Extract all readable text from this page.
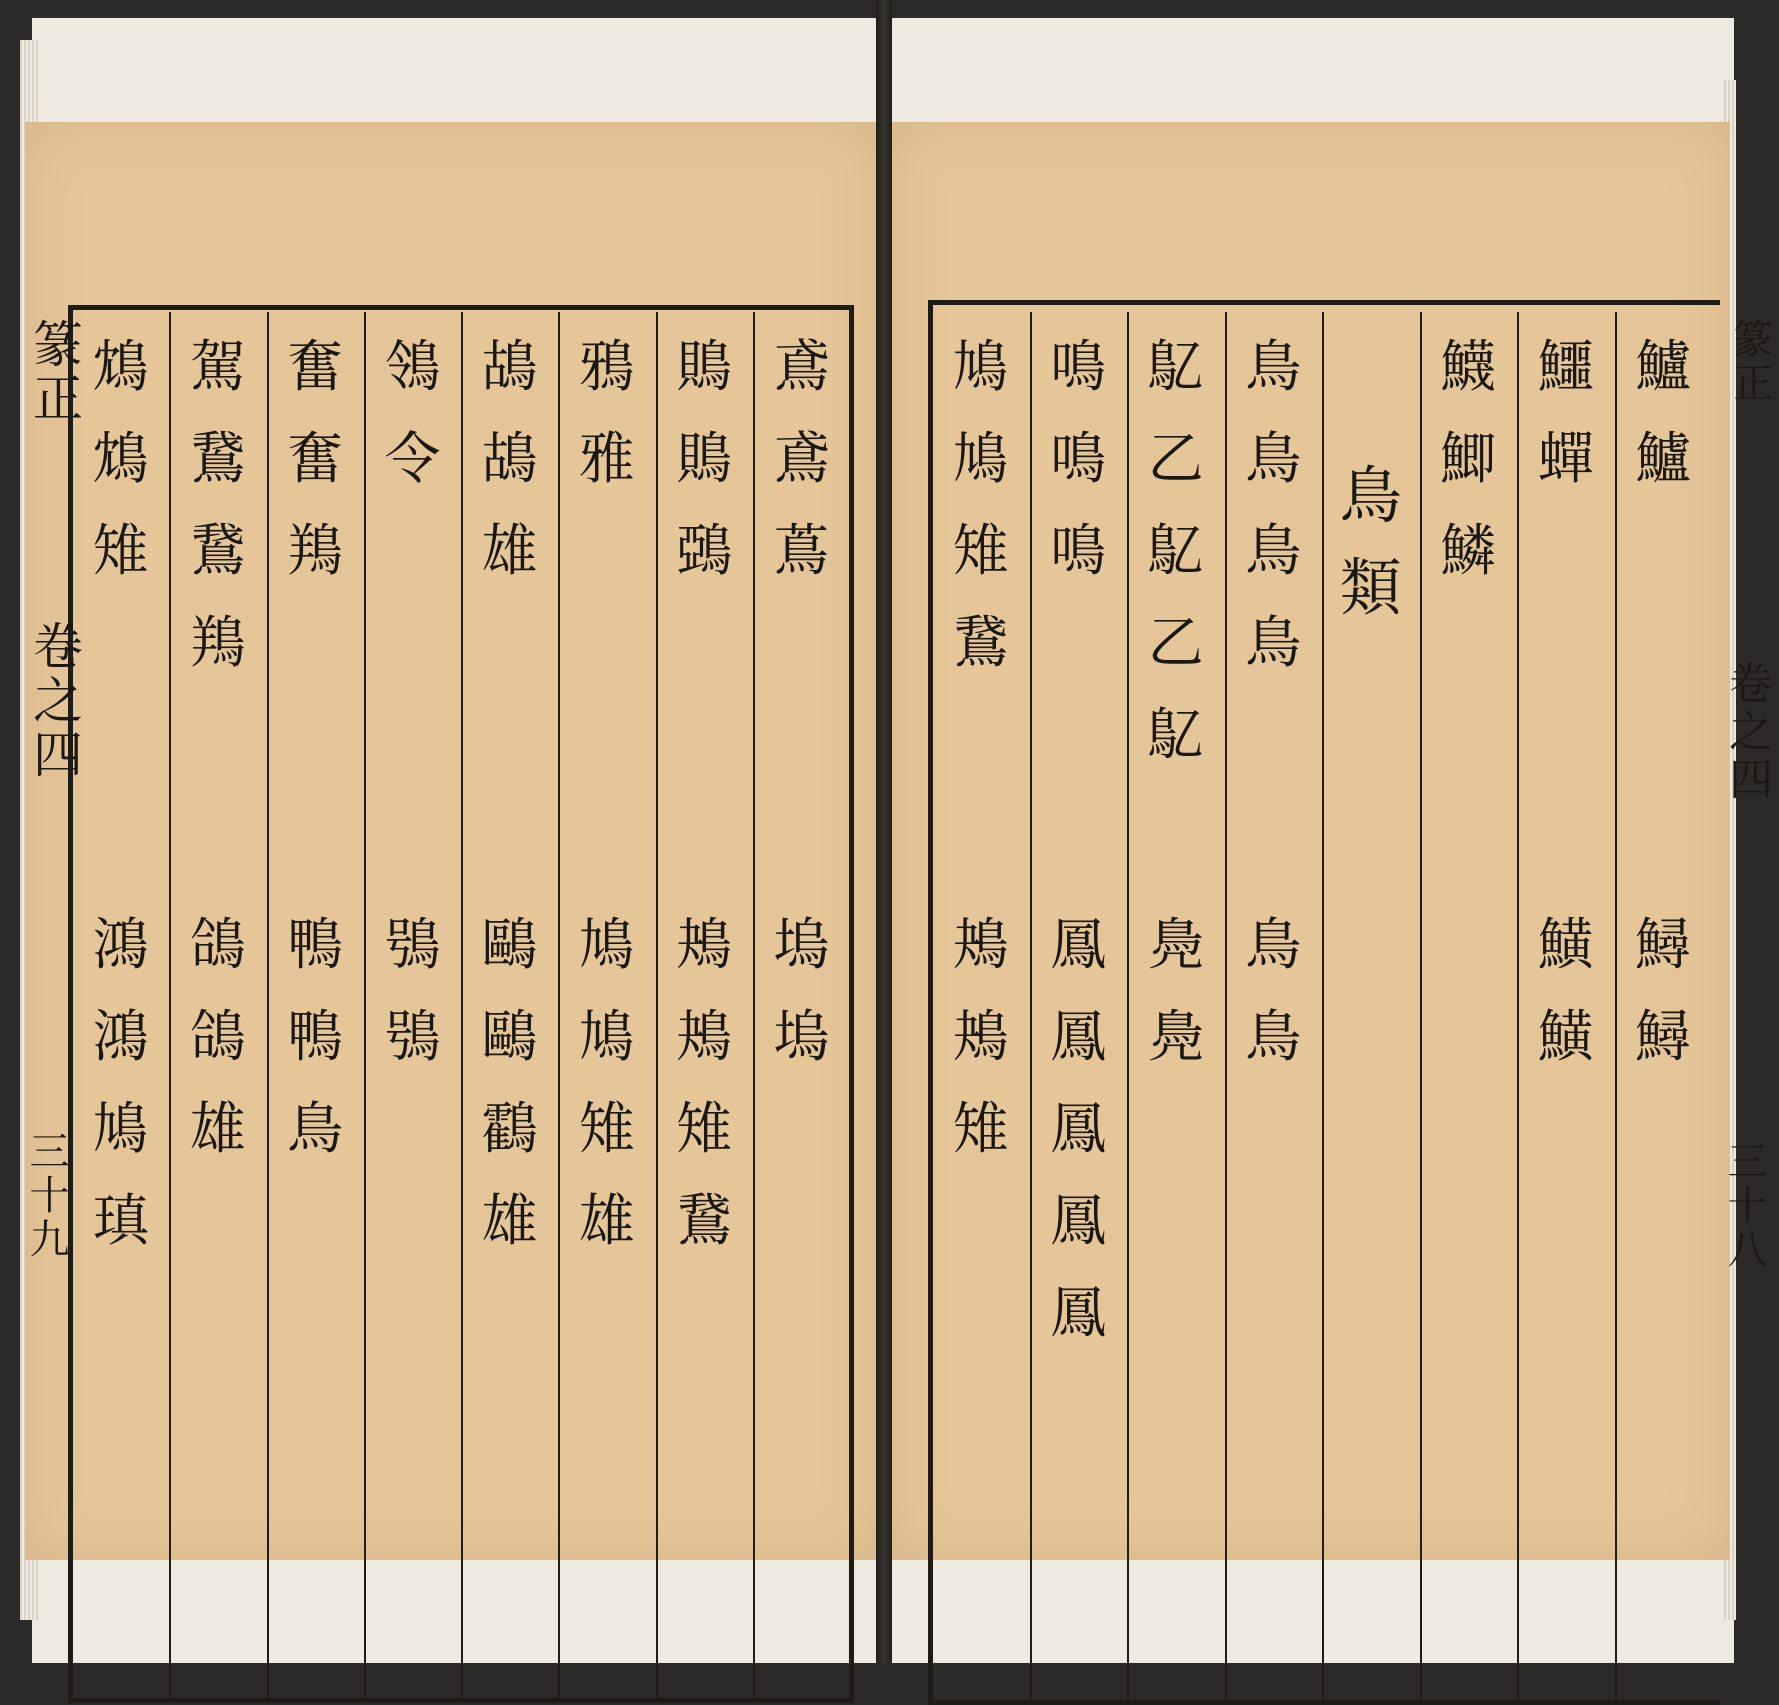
篆正
卷之四
三十九
篆正
卷之四
三十八
鳶
鳶
蔦
塢
塢
鵙
鵙
鵶
鴂
鴂
雉
鵞
鴉
雅
鳩
鳩
雉
雄
鴣
鴣
雄
鷗
鷗
鸖
雄
鴒
令
鴞
鴞
奮
奮
鴹
鴨
鴨
鳥
駕
鵞
鵞
鴹
鴿
鴿
雄
鴆
鴆
雉
鴻
鴻
鳩
瑱
鱸
鱸
鱘
鱘
鱷
蟬
鱑
鱑
鱴
鯽
鱗
鳥
類
鳥
鳥
鳥
鳥
鳥
鳥
鳦
乙
鳦
乙
鳦
鳧
鳧
鳴
鳴
鳴
鳳
鳳
鳳
鳳
鳳
鳩
鳩
雉
鵞
鴂
鴂
雉
